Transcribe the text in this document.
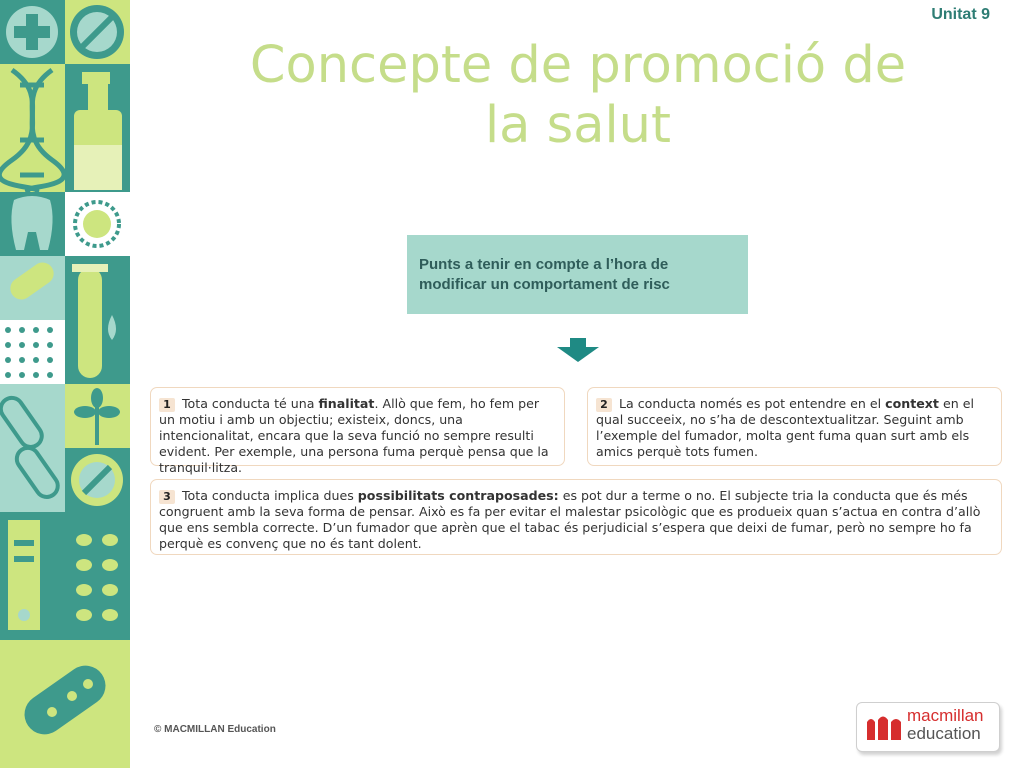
Unitat 9
Concepte de promoció de
la salut
Punts a tenir en compte a l’hora de
modificar un comportament de risc
1 Tota conducta té una finalitat. Allò que fem, ho fem per un motiu i amb un objectiu; existeix, doncs, una intencionalitat, encara que la seva funció no sempre resulti evident. Per exemple, una persona fuma perquè pensa que la tranquil·litza.
2 La conducta només es pot entendre en el context en el qual succeeix, no s’ha de descontextualitzar. Seguint amb l’exemple del fumador, molta gent fuma quan surt amb els amics perquè tots fumen.
3 Tota conducta implica dues possibilitats contraposades: es pot dur a terme o no. El subjecte tria la conducta que és més congruent amb la seva forma de pensar. Això es fa per evitar el malestar psicològic que es produeix quan s’actua en contra d’allò que ens sembla correcte. D’un fumador que aprèn que el tabac és perjudicial s’espera que deixi de fumar, però no sempre ho fa perquè es convenç que no és tant dolent.
© MACMILLAN Education
macmillan
education
